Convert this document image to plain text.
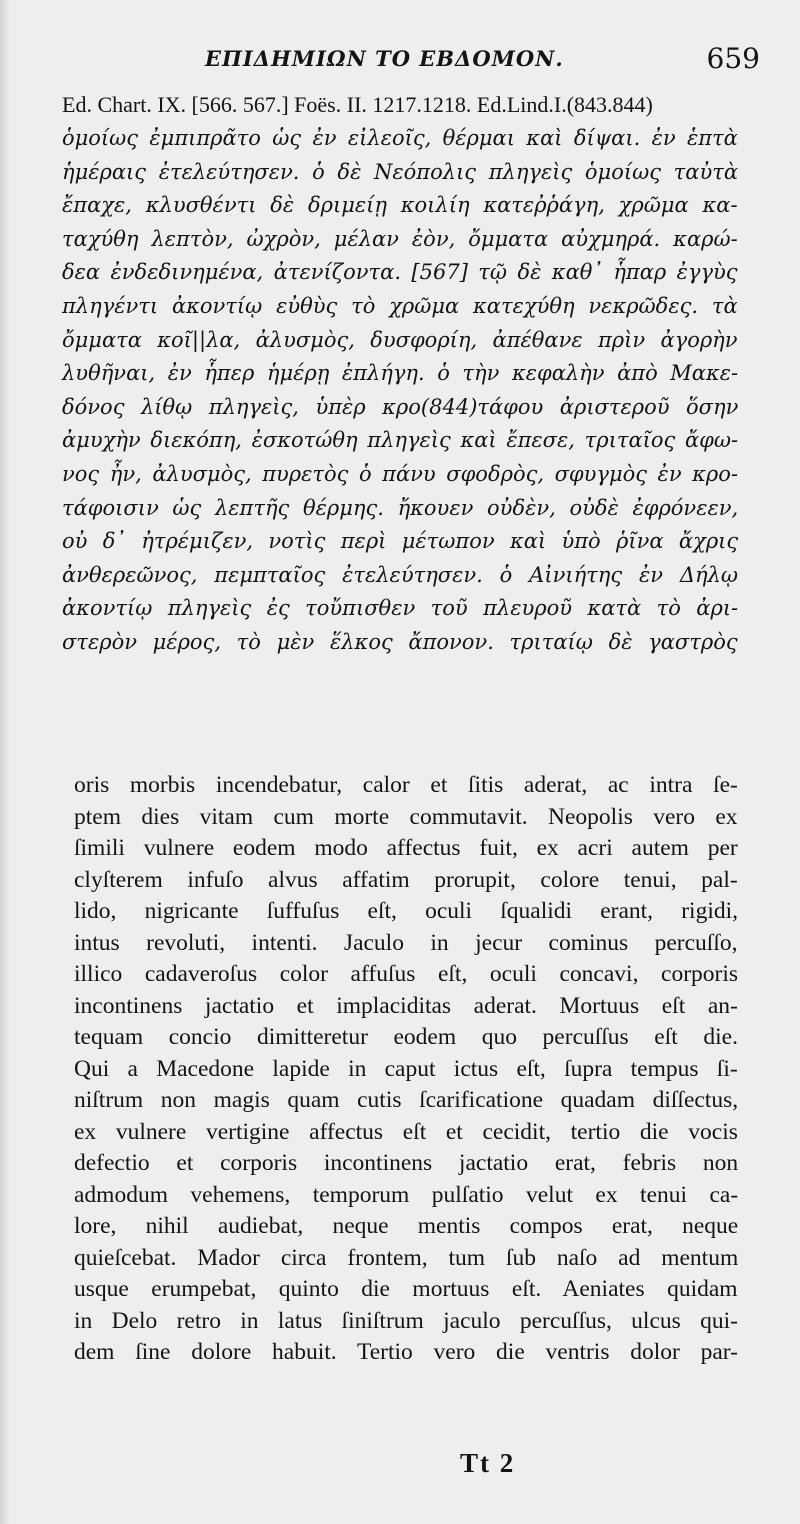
ΕΠΙΔΗΜΙΩΝ ΤΟ ΕΒΔΟΜΟΝ.	659
Ed. Chart. IX. [566. 567.] Foës. II. 1217.1218. Ed.Lind.I.(843.844)
ὁμοίως ἐμπιπρᾶτο ὡς ἐν εἰλεοῖς, θέρμαι καὶ δίψαι. ἐν ἑπτὰ
ἡμέραις ἐτελεύτησεν. ὁ δὲ Νεόπολις πληγεὶς ὁμοίως ταὐτὰ
ἔπαχε, κλυσθέντι δὲ δριμείῃ κοιλίη κατεῤῥάγη, χρῶμα κα-
ταχύθη λεπτὸν, ὠχρὸν, μέλαν ἐὸν, ὄμματα αὐχμηρά. καρώ-
δεα ἐνδεδινημένα, ἀτενίζοντα. [567] τῷ δὲ καθ᾽ ἧπαρ ἐγγὺς
πληγέντι ἀκοντίῳ εὐθὺς τὸ χρῶμα κατεχύθη νεκρῶδες. τὰ
ὄμματα κοῖ||λα, ἀλυσμὸς, δυσφορίη, ἀπέθανε πρὶν ἀγορὴν
λυθῆναι, ἐν ἧπερ ἡμέρῃ ἐπλήγη. ὁ τὴν κεφαλὴν ἀπὸ Μακε-
δόνος λίθῳ πληγεὶς, ὑπὲρ κρο(844)τάφου ἀριστεροῦ ὅσην
ἀμυχὴν διεκόπη, ἐσκοτώθη πληγεὶς καὶ ἔπεσε, τριταῖος ἄφω-
νος ἦν, ἀλυσμὸς, πυρετὸς ὁ πάνυ σφοδρὸς, σφυγμὸς ἐν κρο-
τάφοισιν ὡς λεπτῆς θέρμης. ἤκουεν οὐδὲν, οὐδὲ ἐφρόνεεν,
οὐ δ᾽ ἠτρέμιζεν, νοτὶς περὶ μέτωπον καὶ ὑπὸ ῥῖνα ἄχρις
ἀνθερεῶνος, πεμπταῖος ἐτελεύτησεν. ὁ Αἰνιήτης ἐν Δήλῳ
ἀκοντίῳ πληγεὶς ἐς τοὔπισθεν τοῦ πλευροῦ κατὰ τὸ ἀρι-
στερὸν μέρος, τὸ μὲν ἕλκος ἄπονον. τριταίῳ δὲ γαστρὸς
oris morbis incendebatur, calor et ſitis aderat, ac intra ſe-
ptem dies vitam cum morte commutavit. Neopolis vero ex
ſimili vulnere eodem modo affectus fuit, ex acri autem per
clyſterem infuſo alvus affatim prorupit, colore tenui, pal-
lido, nigricante ſuffuſus eſt, oculi ſqualidi erant, rigidi,
intus revoluti, intenti. Jaculo in jecur cominus percuſſo,
illico cadaveroſus color affuſus eſt, oculi concavi, corporis
incontinens jactatio et implaciditas aderat. Mortuus eſt an-
tequam concio dimitteretur eodem quo percuſſus eſt die.
Qui a Macedone lapide in caput ictus eſt, ſupra tempus ſi-
niſtrum non magis quam cutis ſcarificatione quadam diſſectus,
ex vulnere vertigine affectus eſt et cecidit, tertio die vocis
defectio et corporis incontinens jactatio erat, febris non
admodum vehemens, temporum pulſatio velut ex tenui ca-
lore, nihil audiebat, neque mentis compos erat, neque
quieſcebat. Mador circa frontem, tum ſub naſo ad mentum
usque erumpebat, quinto die mortuus eſt. Aeniates quidam
in Delo retro in latus ſiniſtrum jaculo percuſſus, ulcus qui-
dem ſine dolore habuit. Tertio vero die ventris dolor par-
Tt 2
